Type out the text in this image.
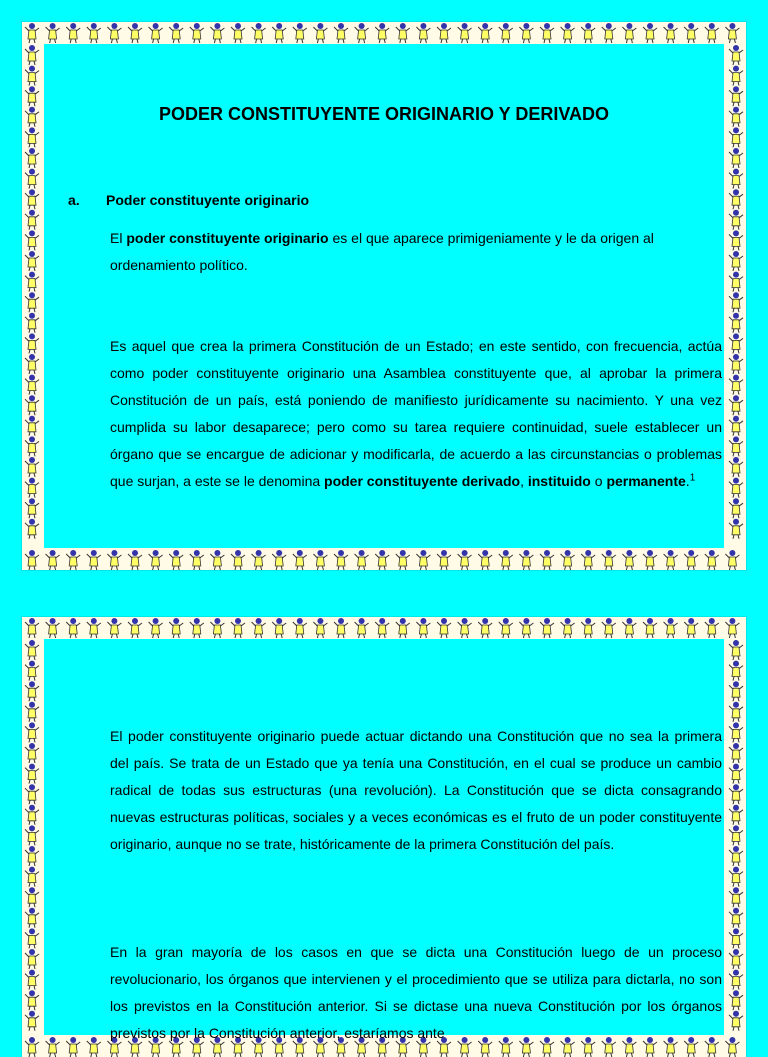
PODER CONSTITUYENTE ORIGINARIO Y DERIVADO
a. Poder constituyente originario

El poder constituyente originario es el que aparece primigeniamente y le da origen al ordenamiento político.

Es aquel que crea la primera Constitución de un Estado; en este sentido, con frecuencia, actúa como poder constituyente originario una Asamblea constituyente que, al aprobar la primera Constitución de un país, está poniendo de manifiesto jurídicamente su nacimiento. Y una vez cumplida su labor desaparece; pero como su tarea requiere continuidad, suele establecer un órgano que se encargue de adicionar y modificarla, de acuerdo a las circunstancias o problemas que surjan, a este se le denomina poder constituyente derivado, instituido o permanente.$^1$

El poder constituyente originario puede actuar dictando una Constitución que no sea la primera del país. Se trata de un Estado que ya tenía una Constitución, en el cual se produce un cambio radical de todas sus estructuras (una revolución). La Constitución que se dicta consagrando nuevas estructuras políticas, sociales y a veces económicas es el fruto de un poder constituyente originario, aunque no se trate, históricamente de la primera Constitución del país.

En la gran mayoría de los casos en que se dicta una Constitución luego de un proceso revolucionario, los órganos que intervienen y el procedimiento que se utiliza para dictarla, no son los previstos en la Constitución anterior. Si se dictase una nueva Constitución por los órganos previstos por la Constitución anterior, estaríamos ante
